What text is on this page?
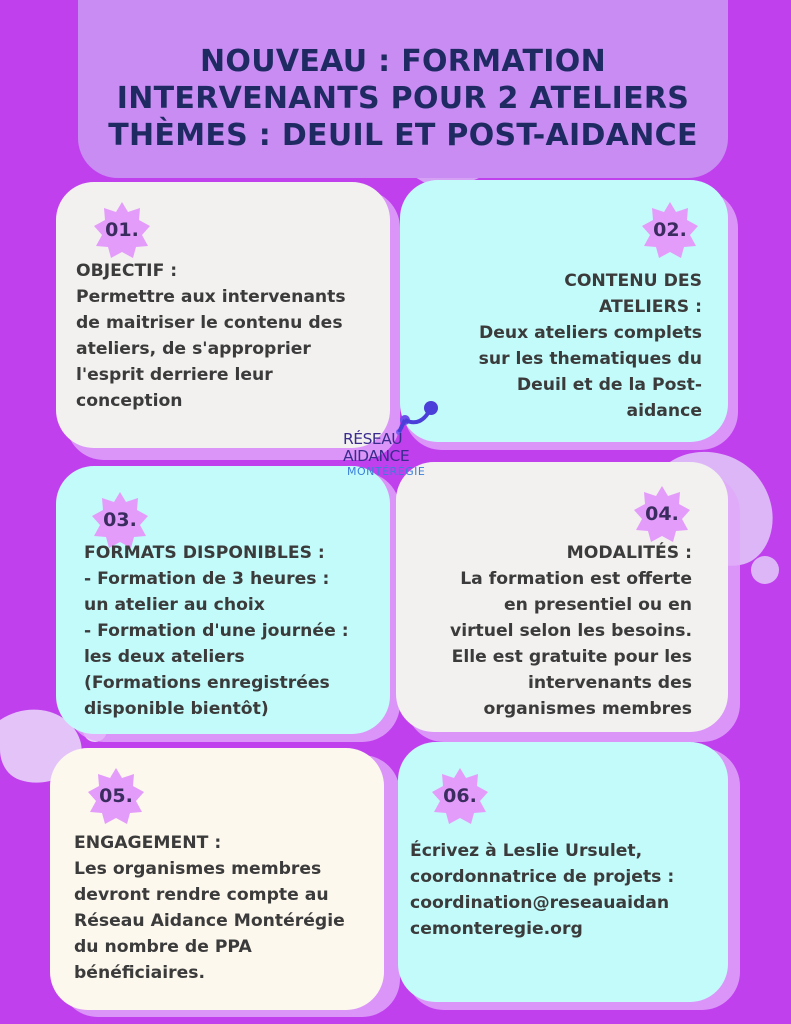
NOUVEAU : FORMATION
INTERVENANTS POUR 2 ATELIERS
THÈMES : DEUIL ET POST-AIDANCE
01.

OBJECTIF :

Permettre aux intervenants

de maitriser le contenu des

ateliers, de s'approprier

l'esprit derriere leur

conception

02.

CONTENU DES

ATELIERS :

Deux ateliers complets

sur les thematiques du

Deuil et de la Post-

aidance

03.

FORMATS DISPONIBLES :

- Formation de 3 heures :

un atelier au choix

- Formation d'une journée :

les deux ateliers

(Formations enregistrées

disponible bientôt)

04.

MODALITÉS :

La formation est offerte

en presentiel ou en

virtuel selon les besoins.

Elle est gratuite pour les

intervenants des

organismes membres

05.

ENGAGEMENT :

Les organismes membres

devront rendre compte au

Réseau Aidance Montérégie

du nombre de PPA

bénéficiaires.

06.

Écrivez à Leslie Ursulet,

coordonnatrice de projets :

coordination@reseauaidan

cemonteregie.org

RÉSEAU
AIDANCE
MONTÉRÉGIE
